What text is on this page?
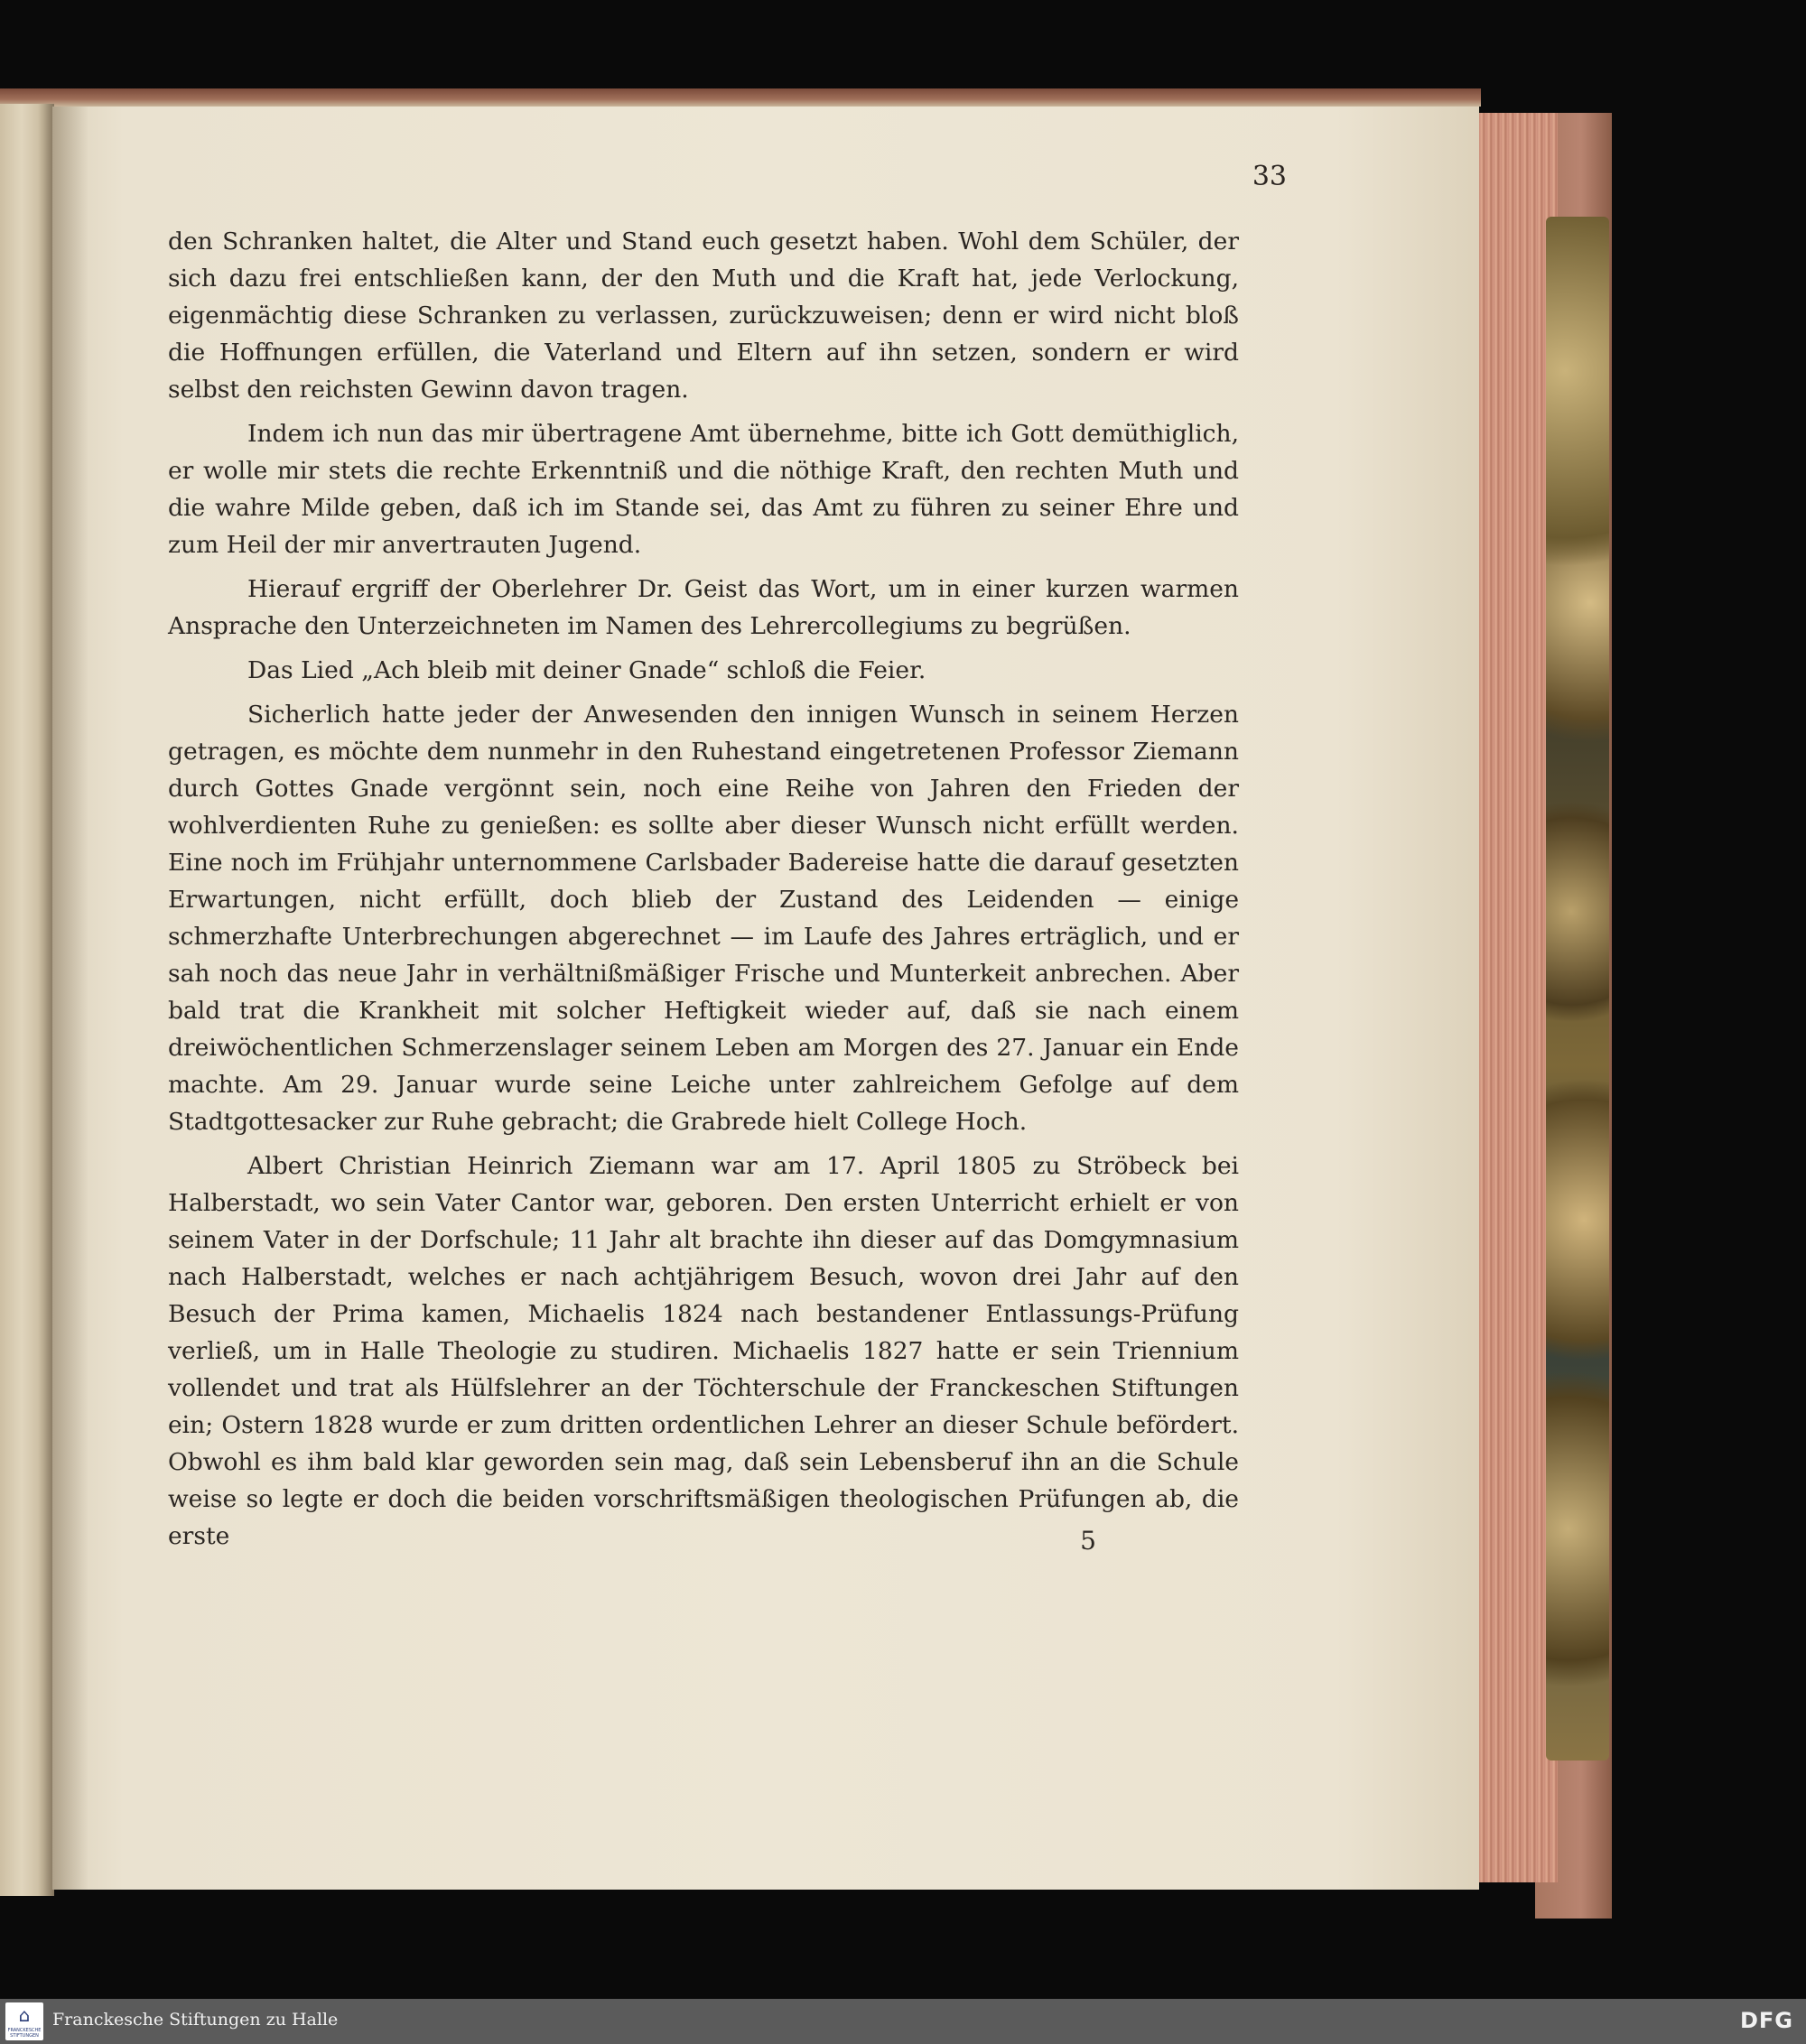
33

den Schranken haltet, die Alter und Stand euch gesetzt haben. Wohl dem Schüler, der sich dazu frei entschließen kann, der den Muth und die Kraft hat, jede Verlockung, eigenmächtig diese Schranken zu verlassen, zurückzuweisen; denn er wird nicht bloß die Hoffnungen erfüllen, die Vaterland und Eltern auf ihn setzen, sondern er wird selbst den reichsten Gewinn davon tragen.

Indem ich nun das mir übertragene Amt übernehme, bitte ich Gott demüthiglich, er wolle mir stets die rechte Erkenntniß und die nöthige Kraft, den rechten Muth und die wahre Milde geben, daß ich im Stande sei, das Amt zu führen zu seiner Ehre und zum Heil der mir anvertrauten Jugend.

Hierauf ergriff der Oberlehrer Dr. Geist das Wort, um in einer kurzen warmen Ansprache den Unterzeichneten im Namen des Lehrercollegiums zu begrüßen.

Das Lied „Ach bleib mit deiner Gnade“ schloß die Feier.

Sicherlich hatte jeder der Anwesenden den innigen Wunsch in seinem Herzen getragen, es möchte dem nunmehr in den Ruhestand eingetretenen Professor Ziemann durch Gottes Gnade vergönnt sein, noch eine Reihe von Jahren den Frieden der wohlverdienten Ruhe zu genießen: es sollte aber dieser Wunsch nicht erfüllt werden. Eine noch im Frühjahr unternommene Carlsbader Badereise hatte die darauf gesetzten Erwartungen, nicht erfüllt, doch blieb der Zustand des Leidenden — einige schmerzhafte Unterbrechungen abgerechnet — im Laufe des Jahres erträglich, und er sah noch das neue Jahr in verhältnißmäßiger Frische und Munterkeit anbrechen. Aber bald trat die Krankheit mit solcher Heftigkeit wieder auf, daß sie nach einem dreiwöchentlichen Schmerzenslager seinem Leben am Morgen des 27. Januar ein Ende machte. Am 29. Januar wurde seine Leiche unter zahlreichem Gefolge auf dem Stadtgottesacker zur Ruhe gebracht; die Grabrede hielt College Hoch.

Albert Christian Heinrich Ziemann war am 17. April 1805 zu Ströbeck bei Halberstadt, wo sein Vater Cantor war, geboren. Den ersten Unterricht erhielt er von seinem Vater in der Dorfschule; 11 Jahr alt brachte ihn dieser auf das Domgymnasium nach Halberstadt, welches er nach achtjährigem Besuch, wovon drei Jahr auf den Besuch der Prima kamen, Michaelis 1824 nach bestandener Entlassungs-Prüfung verließ, um in Halle Theologie zu studiren. Michaelis 1827 hatte er sein Triennium vollendet und trat als Hülfslehrer an der Töchterschule der Franckeschen Stiftungen ein; Ostern 1828 wurde er zum dritten ordentlichen Lehrer an dieser Schule befördert. Obwohl es ihm bald klar geworden sein mag, daß sein Lebensberuf ihn an die Schule weise so legte er doch die beiden vorschriftsmäßigen theologischen Prüfungen ab, die erste	5
⌂
FRANCKESCHE STIFTUNGEN
Franckesche Stiftungen zu Halle	DFG
